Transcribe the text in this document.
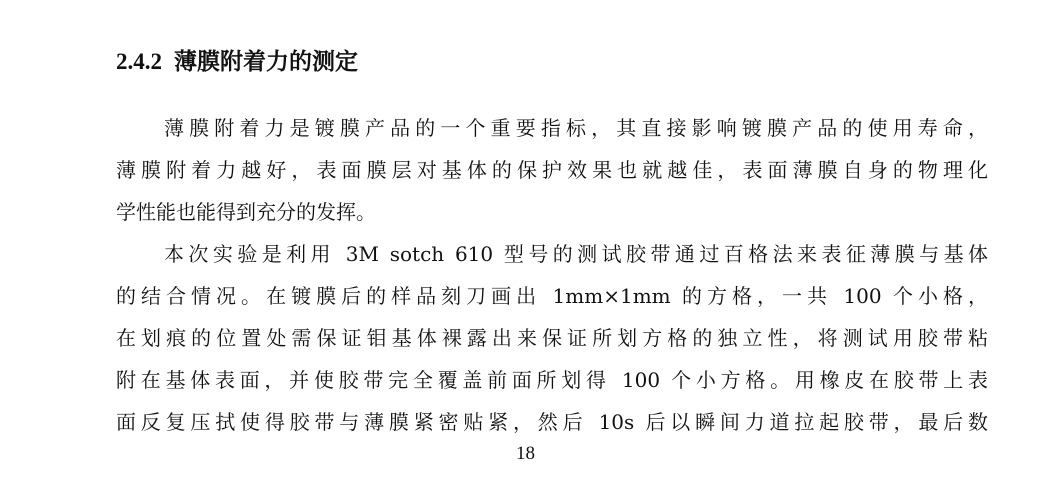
2.4.2 薄膜附着力的测定
薄膜附着力是镀膜产品的一个重要指标，其直接影响镀膜产品的使用寿命，
薄膜附着力越好，表面膜层对基体的保护效果也就越佳，表面薄膜自身的物理化
学性能也能得到充分的发挥。
本次实验是利用 3M sotch 610 型号的测试胶带通过百格法来表征薄膜与基体
的结合情况。在镀膜后的样品刻刀画出 1mm×1mm 的方格，一共 100 个小格，
在划痕的位置处需保证钼基体裸露出来保证所划方格的独立性，将测试用胶带粘
附在基体表面，并使胶带完全覆盖前面所划得 100 个小方格。用橡皮在胶带上表
面反复压拭使得胶带与薄膜紧密贴紧，然后 10s 后以瞬间力道拉起胶带，最后数
18
